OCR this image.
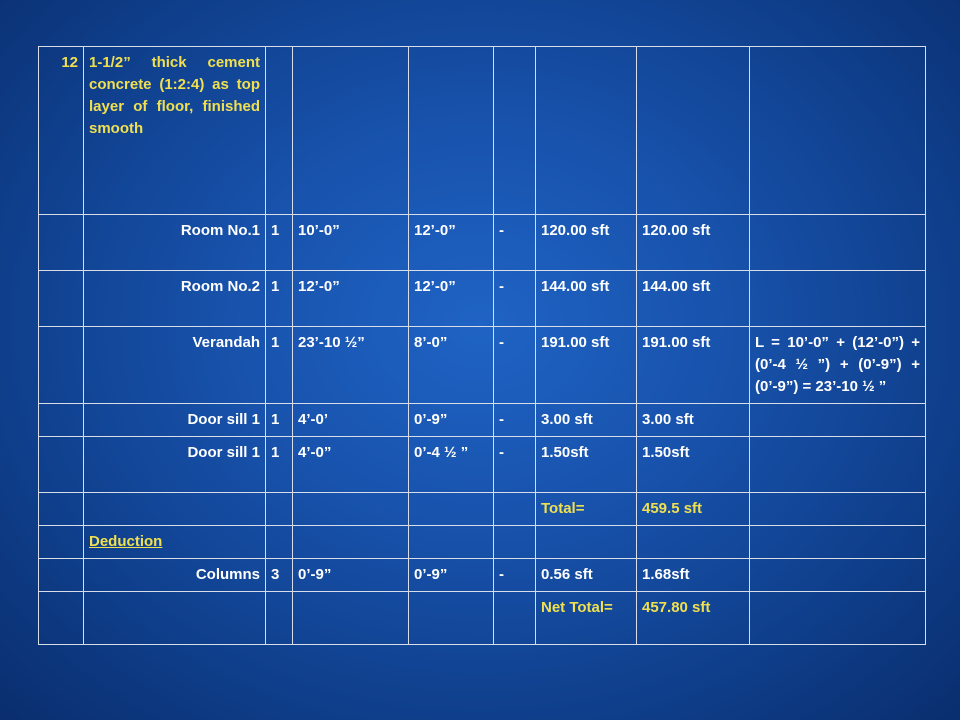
12	1-1/2” thick cement concrete (1:2:4) as top layer of floor, finished smooth							
	Room No.1	1	10’-0”	12’-0”	-	120.00 sft	120.00 sft	
	Room No.2	1	12’-0”	12’-0”	-	144.00 sft	144.00 sft	
	Verandah	1	23’-10 ½”	8’-0”	-	191.00 sft	191.00 sft	L = 10’-0” + (12’-0”) + (0’-4 ½ ”) + (0’-9”) + (0’-9”) = 23’-10 ½ ”
	Door sill 1	1	4’-0’	0’-9”	-	3.00 sft	3.00 sft	
	Door sill 1	1	4’-0”	0’-4 ½ ”	-	1.50sft	1.50sft	
						Total=	459.5 sft	
	Deduction							
	Columns	3	0’-9”	0’-9”	-	0.56 sft	1.68sft	
						Net Total=	457.80 sft	
